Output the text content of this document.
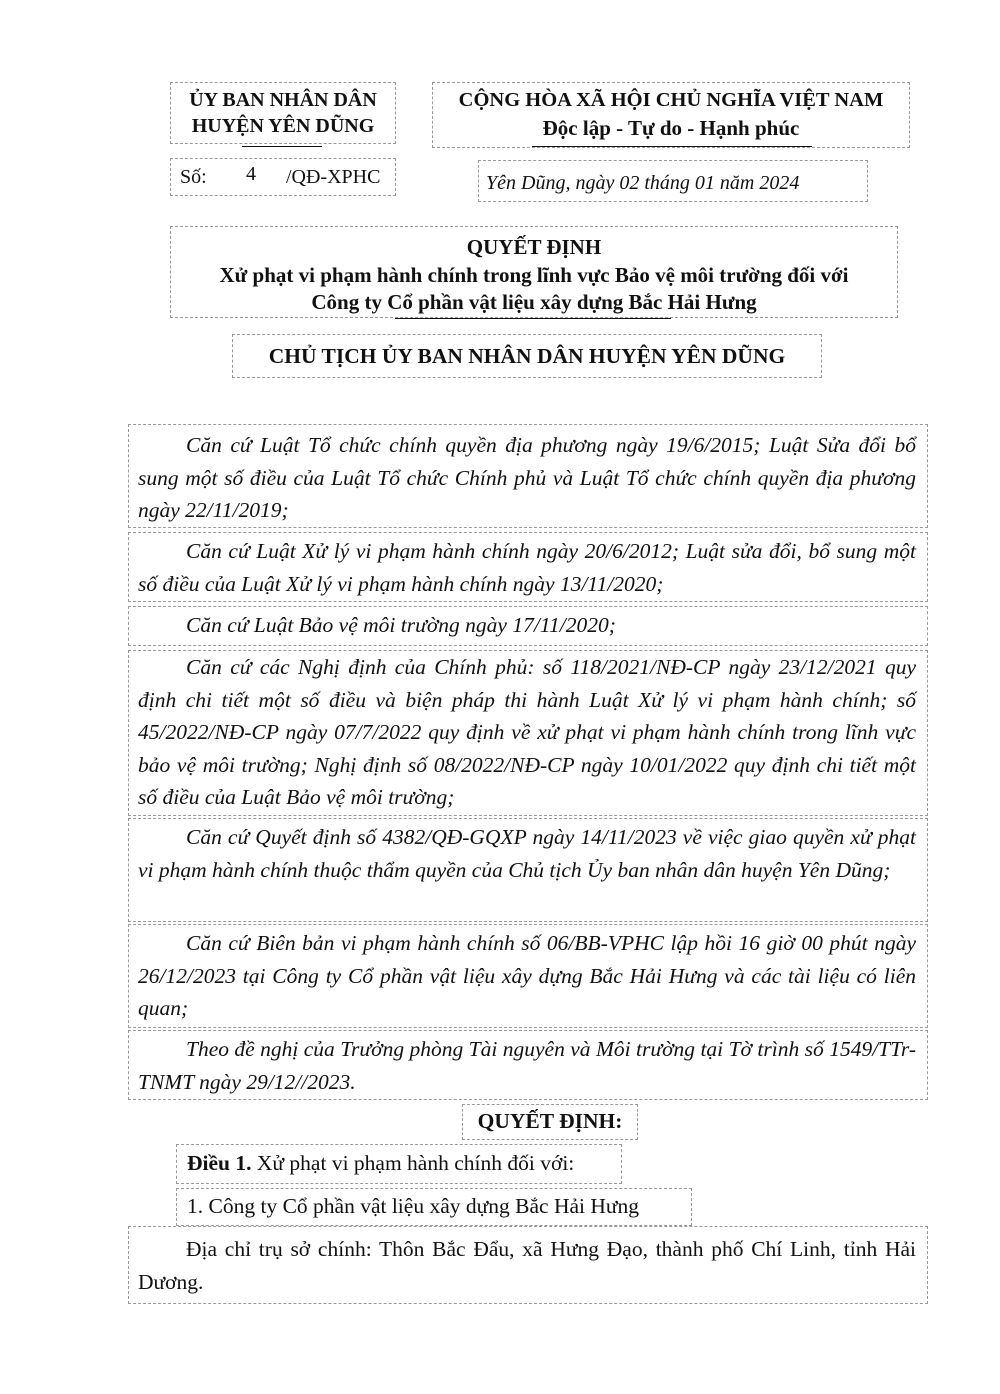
ỦY BAN NHÂN DÂN
HUYỆN YÊN DŨNG
Số: 4 /QĐ-XPHC
CỘNG HÒA XÃ HỘI CHỦ NGHĨA VIỆT NAM
Độc lập - Tự do - Hạnh phúc
Yên Dũng, ngày 02 tháng 01 năm 2024
QUYẾT ĐỊNH
Xử phạt vi phạm hành chính trong lĩnh vực Bảo vệ môi trường đối với
Công ty Cổ phần vật liệu xây dựng Bắc Hải Hưng
CHỦ TỊCH ỦY BAN NHÂN DÂN HUYỆN YÊN DŨNG
Căn cứ Luật Tổ chức chính quyền địa phương ngày 19/6/2015; Luật Sửa đổi bổ sung một số điều của Luật Tổ chức Chính phủ và Luật Tổ chức chính quyền địa phương ngày 22/11/2019;
Căn cứ Luật Xử lý vi phạm hành chính ngày 20/6/2012; Luật sửa đổi, bổ sung một số điều của Luật Xử lý vi phạm hành chính ngày 13/11/2020;
Căn cứ Luật Bảo vệ môi trường ngày 17/11/2020;
Căn cứ các Nghị định của Chính phủ: số 118/2021/NĐ-CP ngày 23/12/2021 quy định chi tiết một số điều và biện pháp thi hành Luật Xử lý vi phạm hành chính; số 45/2022/NĐ-CP ngày 07/7/2022 quy định về xử phạt vi phạm hành chính trong lĩnh vực bảo vệ môi trường; Nghị định số 08/2022/NĐ-CP ngày 10/01/2022 quy định chi tiết một số điều của Luật Bảo vệ môi trường;
Căn cứ Quyết định số 4382/QĐ-GQXP ngày 14/11/2023 về việc giao quyền xử phạt vi phạm hành chính thuộc thẩm quyền của Chủ tịch Ủy ban nhân dân huyện Yên Dũng;
Căn cứ Biên bản vi phạm hành chính số 06/BB-VPHC lập hồi 16 giờ 00 phút ngày 26/12/2023 tại Công ty Cổ phần vật liệu xây dựng Bắc Hải Hưng và các tài liệu có liên quan;
Theo đề nghị của Trưởng phòng Tài nguyên và Môi trường tại Tờ trình số 1549/TTr-TNMT ngày 29/12//2023.
QUYẾT ĐỊNH:
Điều 1. Xử phạt vi phạm hành chính đối với:
1. Công ty Cổ phần vật liệu xây dựng Bắc Hải Hưng
Địa chỉ trụ sở chính: Thôn Bắc Đẩu, xã Hưng Đạo, thành phố Chí Linh, tỉnh Hải Dương.
